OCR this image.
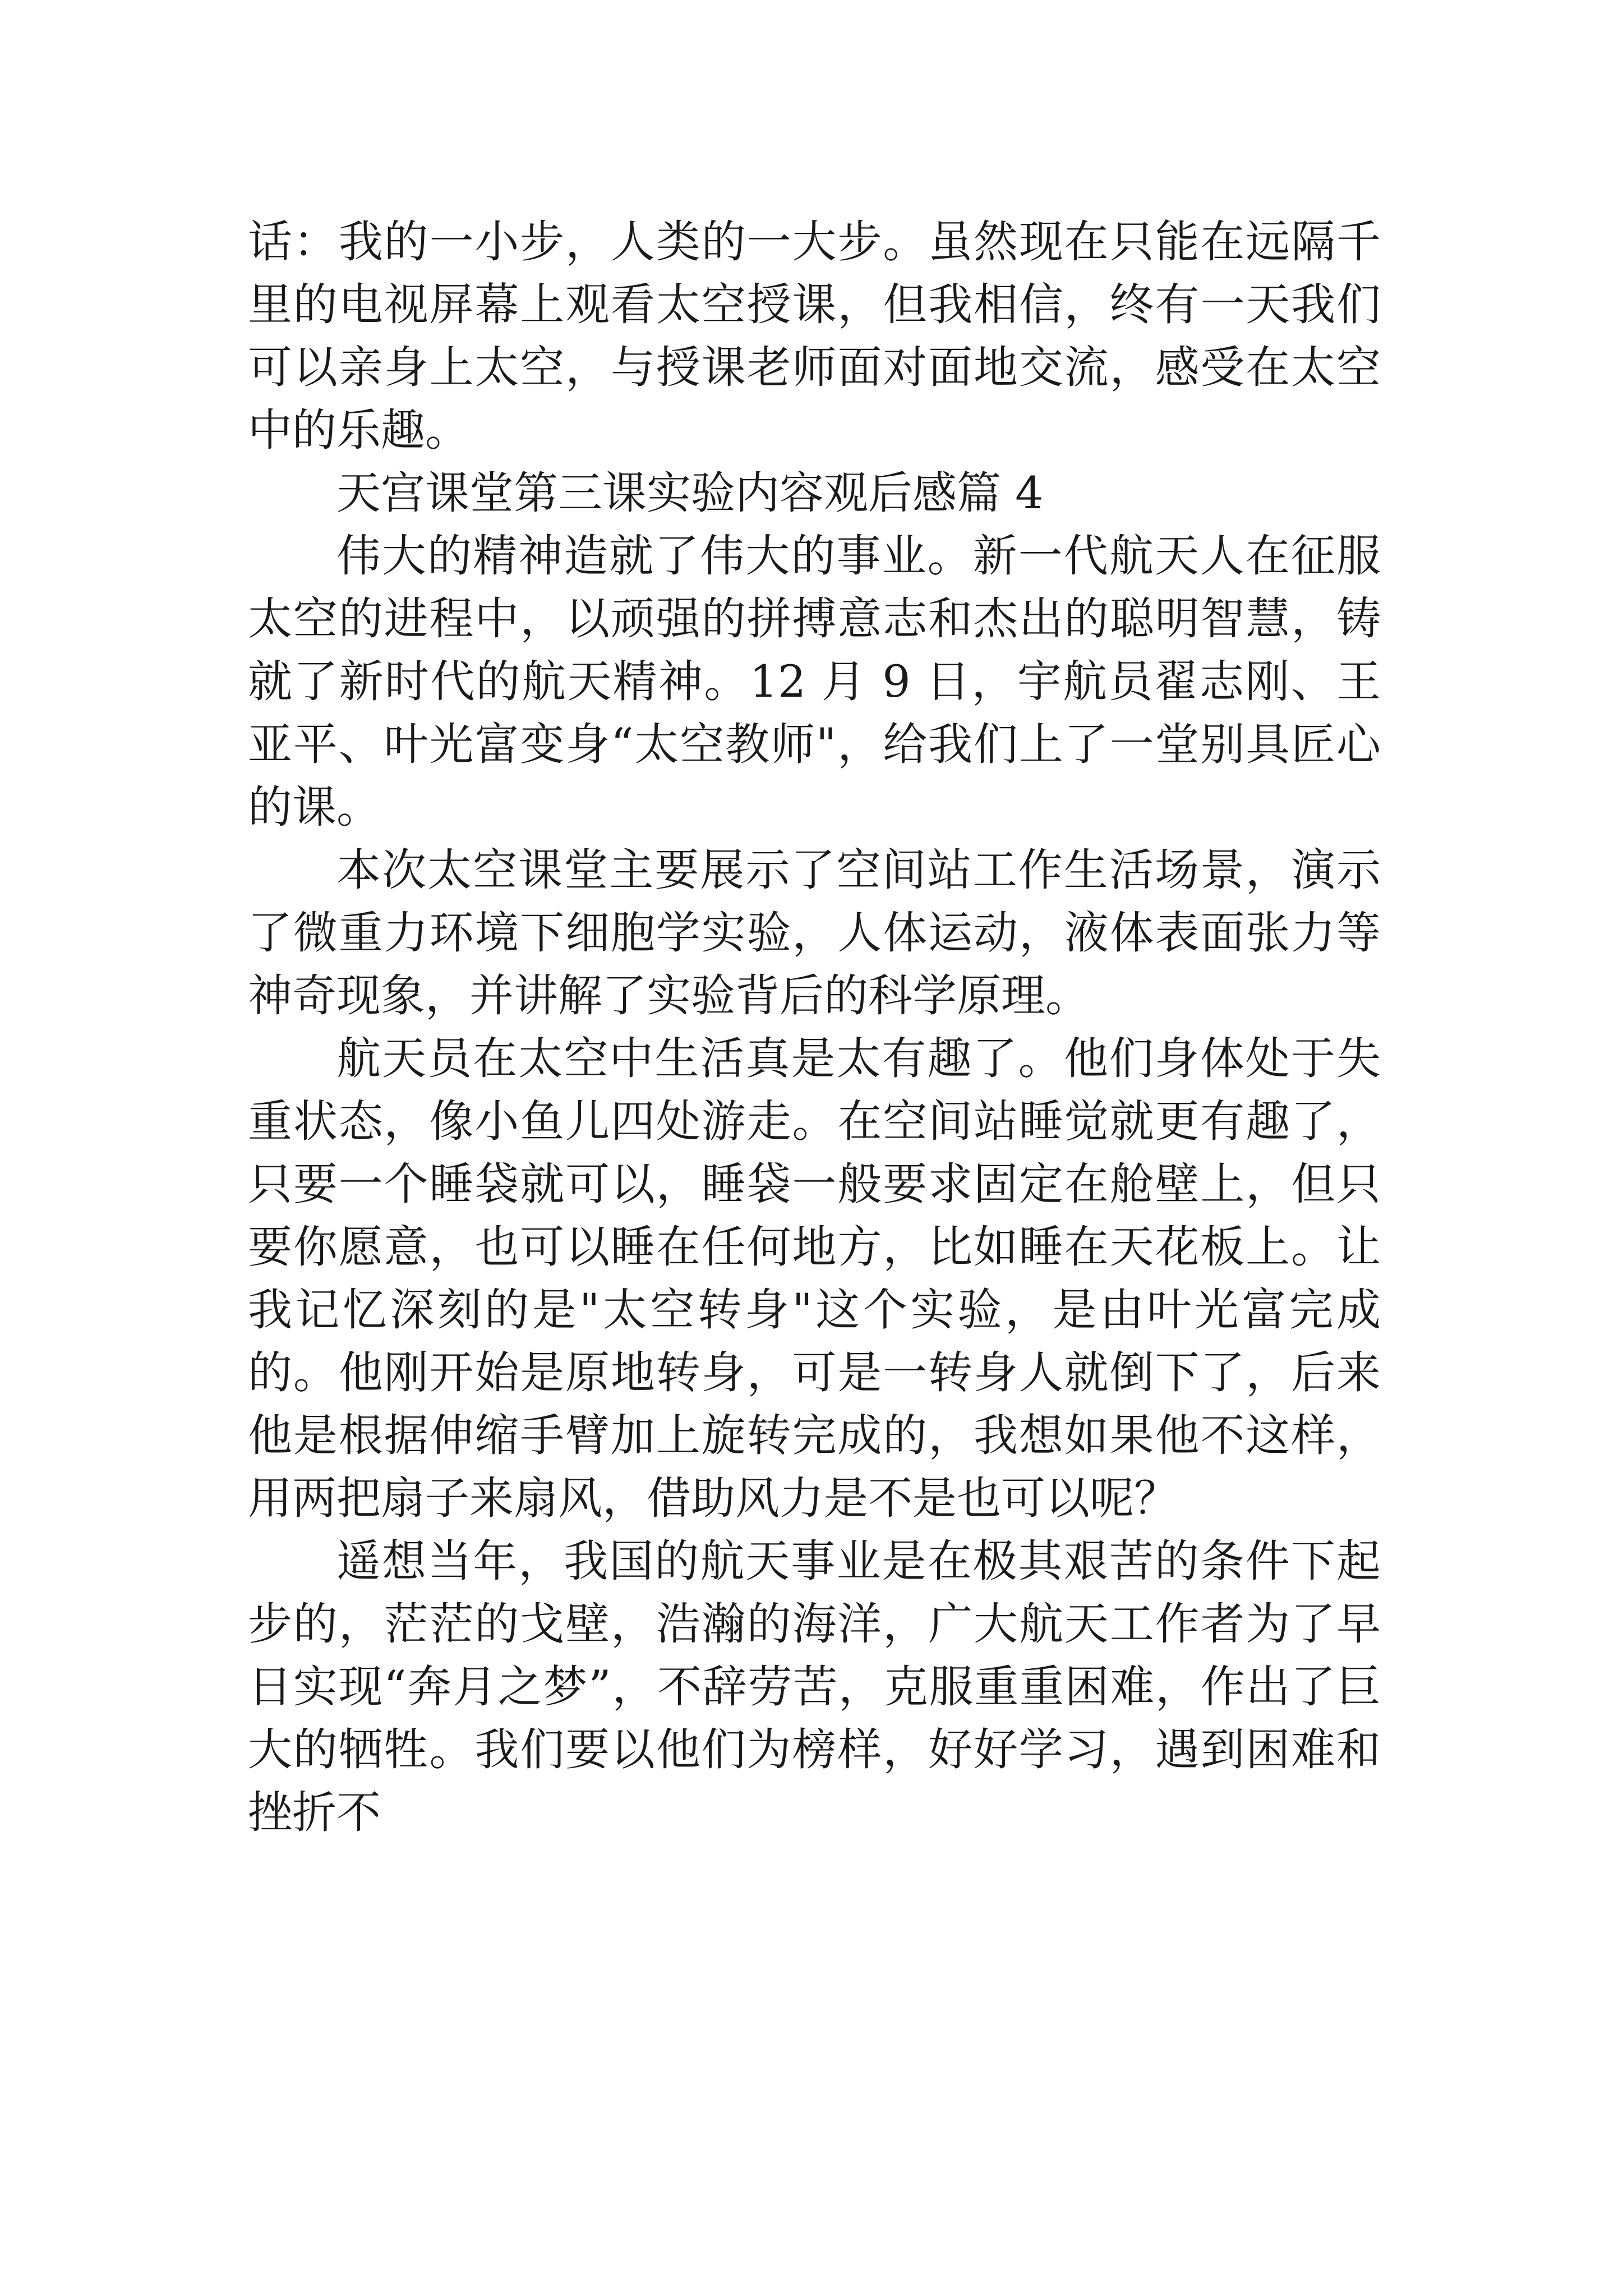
话：我的一小步，人类的一大步。虽然现在只能在远隔千里的电视屏幕上观看太空授课，但我相信，终有一天我们可以亲身上太空，与授课老师面对面地交流，感受在太空中的乐趣。

天宫课堂第三课实验内容观后感篇 4

伟大的精神造就了伟大的事业。新一代航天人在征服太空的进程中，以顽强的拼搏意志和杰出的聪明智慧，铸就了新时代的航天精神。12 月 9 日，宇航员翟志刚、王亚平、叶光富变身“太空教师"，给我们上了一堂别具匠心的课。

本次太空课堂主要展示了空间站工作生活场景，演示了微重力环境下细胞学实验，人体运动，液体表面张力等神奇现象，并讲解了实验背后的科学原理。

航天员在太空中生活真是太有趣了。他们身体处于失重状态，像小鱼儿四处游走。在空间站睡觉就更有趣了，只要一个睡袋就可以，睡袋一般要求固定在舱壁上，但只要你愿意，也可以睡在任何地方，比如睡在天花板上。让我记忆深刻的是"太空转身"这个实验，是由叶光富完成的。他刚开始是原地转身，可是一转身人就倒下了，后来他是根据伸缩手臂加上旋转完成的，我想如果他不这样，用两把扇子来扇风，借助风力是不是也可以呢？

遥想当年，我国的航天事业是在极其艰苦的条件下起步的，茫茫的戈壁，浩瀚的海洋，广大航天工作者为了早日实现“奔月之梦”，不辞劳苦，克服重重困难，作出了巨大的牺牲。我们要以他们为榜样，好好学习，遇到困难和挫折不
